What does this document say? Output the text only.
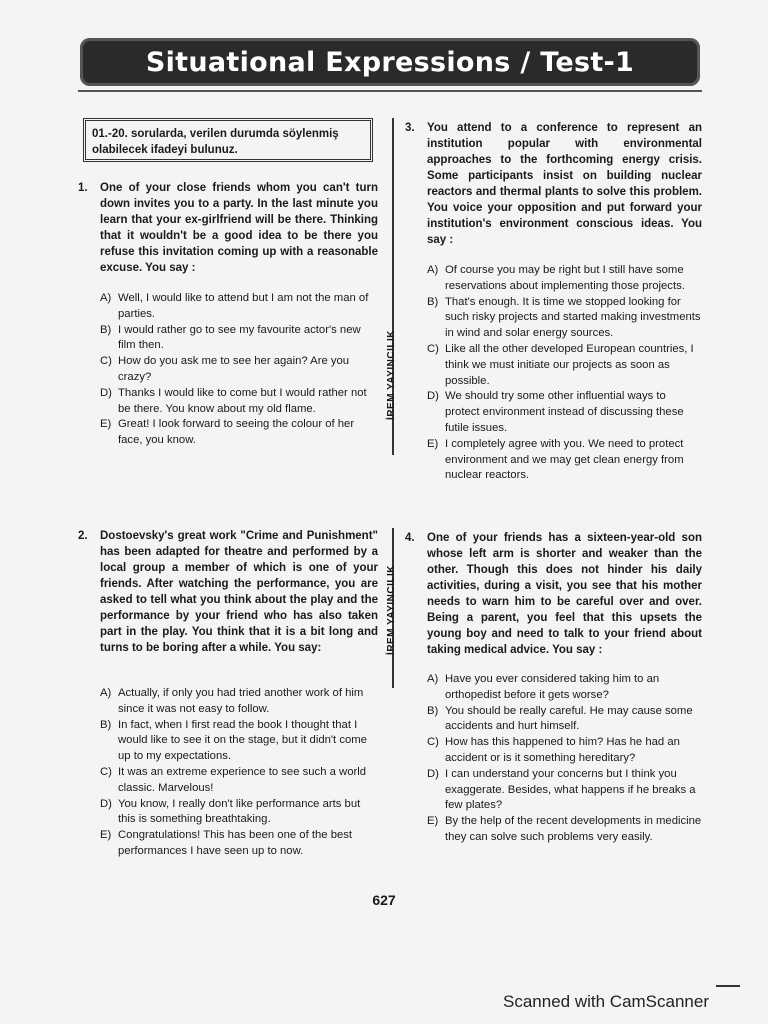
Situational Expressions / Test-1
01.-20. sorularda, verilen durumda söylenmiş olabilecek ifadeyi bulunuz.
1. One of your close friends whom you can't turn down invites you to a party. In the last minute you learn that your ex-girlfriend will be there. Thinking that it wouldn't be a good idea to be there you refuse this invitation coming up with a reasonable excuse. You say :
A) Well, I would like to attend but I am not the man of parties.
B) I would rather go to see my favourite actor's new film then.
C) How do you ask me to see her again? Are you crazy?
D) Thanks I would like to come but I would rather not be there. You know about my old flame.
E) Great! I look forward to seeing the colour of her face, you know.
2. Dostoevsky's great work "Crime and Punishment" has been adapted for theatre and performed by a local group a member of which is one of your friends. After watching the performance, you are asked to tell what you think about the play and the performance by your friend who has also taken part in the play. You think that it is a bit long and turns to be boring after a while. You say:
A) Actually, if only you had tried another work of him since it was not easy to follow.
B) In fact, when I first read the book I thought that I would like to see it on the stage, but it didn't come up to my expectations.
C) It was an extreme experience to see such a world classic. Marvelous!
D) You know, I really don't like performance arts but this is something breathtaking.
E) Congratulations! This has been one of the best performances I have seen up to now.
İREM YAYINCILIK
İREM YAYINCILIK
3. You attend to a conference to represent an institution popular with environmental approaches to the forthcoming energy crisis. Some participants insist on building nuclear reactors and thermal plants to solve this problem. You voice your opposition and put forward your institution's environment conscious ideas. You say :
A) Of course you may be right but I still have some reservations about implementing those projects.
B) That's enough. It is time we stopped looking for such risky projects and started making investments in wind and solar energy sources.
C) Like all the other developed European countries, I think we must initiate our projects as soon as possible.
D) We should try some other influential ways to protect environment instead of discussing these futile issues.
E) I completely agree with you. We need to protect environment and we may get clean energy from nuclear reactors.
4. One of your friends has a sixteen-year-old son whose left arm is shorter and weaker than the other. Though this does not hinder his daily activities, during a visit, you see that his mother needs to warn him to be careful over and over. Being a parent, you feel that this upsets the young boy and need to talk to your friend about taking medical advice. You say :
A) Have you ever considered taking him to an orthopedist before it gets worse?
B) You should be really careful. He may cause some accidents and hurt himself.
C) How has this happened to him? Has he had an accident or is it something hereditary?
D) I can understand your concerns but I think you exaggerate. Besides, what happens if he breaks a few plates?
E) By the help of the recent developments in medicine they can solve such problems very easily.
627
Scanned with CamScanner
